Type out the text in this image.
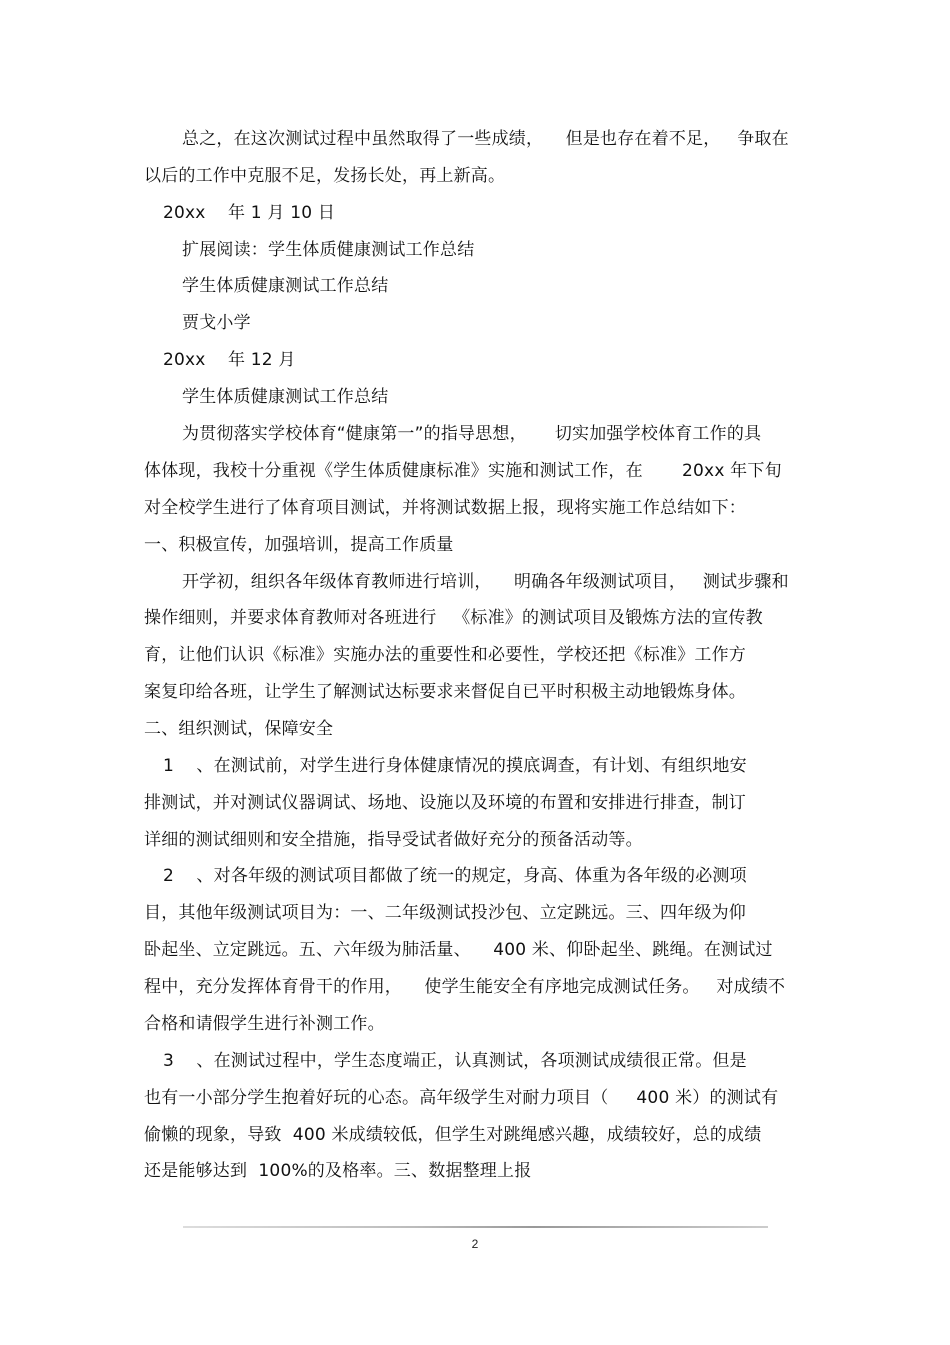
总之，在这次测试过程中虽然取得了一些成绩，    但是也存在着不足，   争取在
以后的工作中克服不足，发扬长处，再上新高。
20xx    年 1 月 10 日
扩展阅读：学生体质健康测试工作总结
学生体质健康测试工作总结
贾戈小学
20xx    年 12 月
学生体质健康测试工作总结
为贯彻落实学校体育“健康第一”的指导思想，     切实加强学校体育工作的具
体体现，我校十分重视《学生体质健康标准》实施和测试工作，在       20xx 年下旬
对全校学生进行了体育项目测试，并将测试数据上报，现将实施工作总结如下：
一、积极宣传，加强培训，提高工作质量
开学初，组织各年级体育教师进行培训，    明确各年级测试项目，   测试步骤和
操作细则，并要求体育教师对各班进行   《标准》的测试项目及锻炼方法的宣传教
育，让他们认识《标准》实施办法的重要性和必要性，学校还把《标准》工作方
案复印给各班，让学生了解测试达标要求来督促自已平时积极主动地锻炼身体。
二、组织测试，保障安全
1    、在测试前，对学生进行身体健康情况的摸底调查，有计划、有组织地安
排测试，并对测试仪器调试、场地、设施以及环境的布置和安排进行排查，制订
详细的测试细则和安全措施，指导受试者做好充分的预备活动等。
2    、对各年级的测试项目都做了统一的规定，身高、体重为各年级的必测项
目，其他年级测试项目为：一、二年级测试投沙包、立定跳远。三、四年级为仰
卧起坐、立定跳远。五、六年级为肺活量、    400 米、仰卧起坐、跳绳。在测试过
程中，充分发挥体育骨干的作用，    使学生能安全有序地完成测试任务。   对成绩不
合格和请假学生进行补测工作。
3    、在测试过程中，学生态度端正，认真测试，各项测试成绩很正常。但是
也有一小部分学生抱着好玩的心态。高年级学生对耐力项目（     400 米）的测试有
偷懒的现象，导致  400 米成绩较低，但学生对跳绳感兴趣，成绩较好，总的成绩
还是能够达到  100%的及格率。三、数据整理上报
2
